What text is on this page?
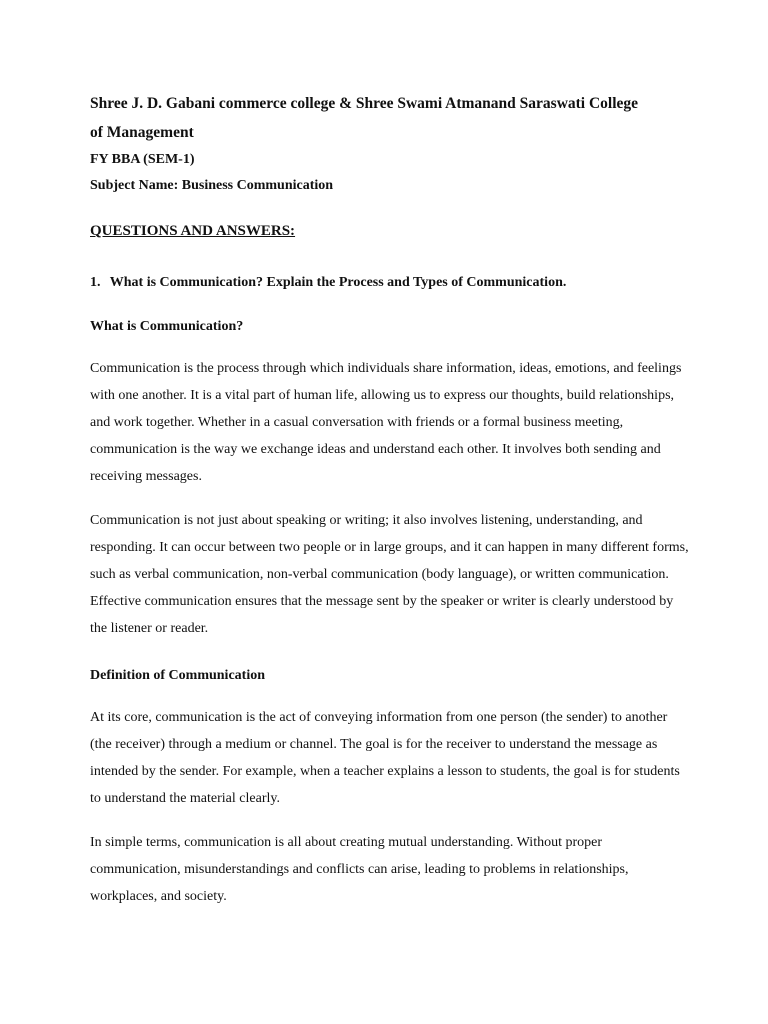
Shree J. D. Gabani commerce college & Shree Swami Atmanand Saraswati College
of Management

FY BBA (SEM-1)

Subject Name: Business Communication

QUESTIONS AND ANSWERS:

1. What is Communication? Explain the Process and Types of Communication.

What is Communication?

Communication is the process through which individuals share information, ideas, emotions, and feelings with one another. It is a vital part of human life, allowing us to express our thoughts, build relationships, and work together. Whether in a casual conversation with friends or a formal business meeting, communication is the way we exchange ideas and understand each other. It involves both sending and receiving messages.

Communication is not just about speaking or writing; it also involves listening, understanding, and responding. It can occur between two people or in large groups, and it can happen in many different forms, such as verbal communication, non-verbal communication (body language), or written communication. Effective communication ensures that the message sent by the speaker or writer is clearly understood by the listener or reader.

Definition of Communication

At its core, communication is the act of conveying information from one person (the sender) to another (the receiver) through a medium or channel. The goal is for the receiver to understand the message as intended by the sender. For example, when a teacher explains a lesson to students, the goal is for students to understand the material clearly.

In simple terms, communication is all about creating mutual understanding. Without proper communication, misunderstandings and conflicts can arise, leading to problems in relationships, workplaces, and society.
